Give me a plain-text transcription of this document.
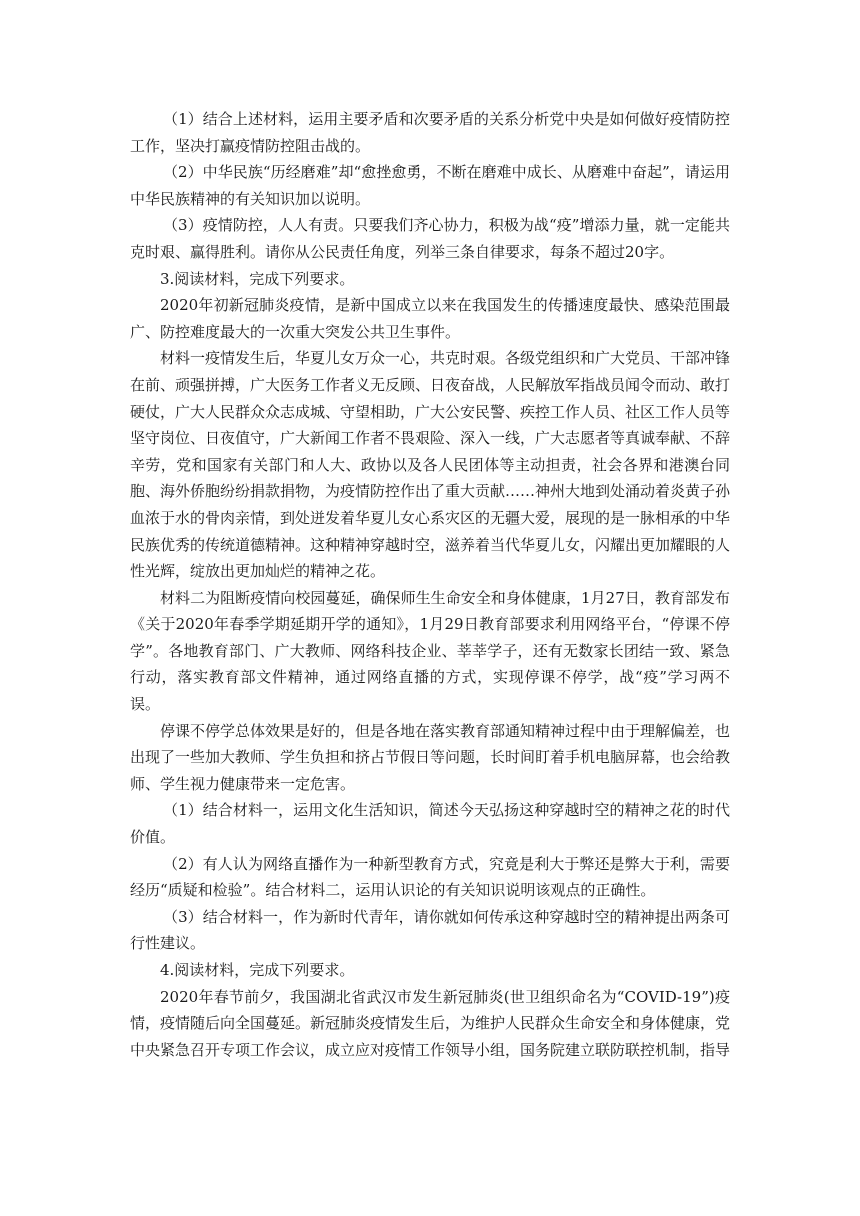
（1）结合上述材料，运用主要矛盾和次要矛盾的关系分析党中央是如何做好疫情防控工作，坚决打赢疫情防控阻击战的。

（2）中华民族“历经磨难”却“愈挫愈勇，不断在磨难中成长、从磨难中奋起”，请运用中华民族精神的有关知识加以说明。

（3）疫情防控，人人有责。只要我们齐心协力，积极为战“疫”增添力量，就一定能共克时艰、赢得胜利。请你从公民责任角度，列举三条自律要求，每条不超过20字。

3.阅读材料，完成下列要求。

2020年初新冠肺炎疫情，是新中国成立以来在我国发生的传播速度最快、感染范围最广、防控难度最大的一次重大突发公共卫生事件。

材料一疫情发生后，华夏儿女万众一心，共克时艰。各级党组织和广大党员、干部冲锋在前、顽强拼搏，广大医务工作者义无反顾、日夜奋战，人民解放军指战员闻令而动、敢打硬仗，广大人民群众众志成城、守望相助，广大公安民警、疾控工作人员、社区工作人员等坚守岗位、日夜值守，广大新闻工作者不畏艰险、深入一线，广大志愿者等真诚奉献、不辞辛劳，党和国家有关部门和人大、政协以及各人民团体等主动担责，社会各界和港澳台同胞、海外侨胞纷纷捐款捐物，为疫情防控作出了重大贡献……神州大地到处涌动着炎黄子孙血浓于水的骨肉亲情，到处迸发着华夏儿女心系灾区的无疆大爱，展现的是一脉相承的中华民族优秀的传统道德精神。这种精神穿越时空，滋养着当代华夏儿女，闪耀出更加耀眼的人性光辉，绽放出更加灿烂的精神之花。

材料二为阻断疫情向校园蔓延，确保师生生命安全和身体健康，1月27日，教育部发布《关于2020年春季学期延期开学的通知》，1月29日教育部要求利用网络平台，“停课不停学”。各地教育部门、广大教师、网络科技企业、莘莘学子，还有无数家长团结一致、紧急行动，落实教育部文件精神，通过网络直播的方式，实现停课不停学，战“疫”学习两不误。

停课不停学总体效果是好的，但是各地在落实教育部通知精神过程中由于理解偏差，也出现了一些加大教师、学生负担和挤占节假日等问题，长时间盯着手机电脑屏幕，也会给教师、学生视力健康带来一定危害。

（1）结合材料一，运用文化生活知识，简述今天弘扬这种穿越时空的精神之花的时代价值。

（2）有人认为网络直播作为一种新型教育方式，究竟是利大于弊还是弊大于利，需要经历“质疑和检验”。结合材料二，运用认识论的有关知识说明该观点的正确性。

（3）结合材料一，作为新时代青年，请你就如何传承这种穿越时空的精神提出两条可行性建议。

4.阅读材料，完成下列要求。

2020年春节前夕，我国湖北省武汉市发生新冠肺炎(世卫组织命名为“COVID-19”)疫情，疫情随后向全国蔓延。新冠肺炎疫情发生后，为维护人民群众生命安全和身体健康，党中央紧急召开专项工作会议，成立应对疫情工作领导小组，国务院建立联防联控机制，指导
